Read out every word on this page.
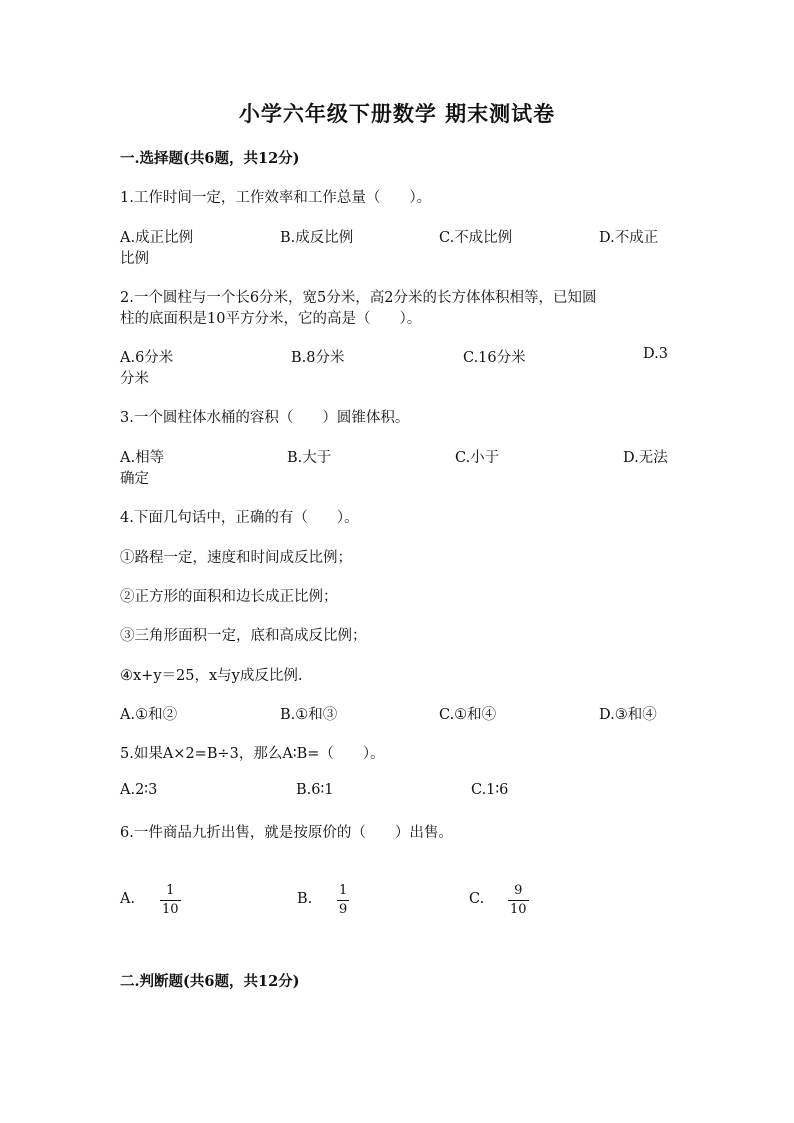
小学六年级下册数学 期末测试卷
一.选择题(共6题，共12分)
1.工作时间一定，工作效率和工作总量（　　）。
A.成正比例	B.成反比例	C.不成比例	D.不成正
比例
2.一个圆柱与一个长6分米，宽5分米，高2分米的长方体体积相等，已知圆
柱的底面积是10平方分米，它的高是（　　）。
A.6分米	B.8分米	C.16分米	D.3
分米
3.一个圆柱体水桶的容积（　　）圆锥体积。
A.相等	B.大于	C.小于	D.无法
确定
4.下面几句话中，正确的有（　　）。
①路程一定，速度和时间成反比例；
②正方形的面积和边长成正比例；
③三角形面积一定，底和高成反比例；
④x+y＝25，x与y成反比例.
A.①和②	B.①和③	C.①和④	D.③和④
5.如果A×2=B÷3，那么A∶B=（　　）。
A.2∶3	B.6∶1	C.1∶6
6.一件商品九折出售，就是按原价的（　　）出售。
A.
1
10
B.
1
9
C.
9
10
二.判断题(共6题，共12分)
